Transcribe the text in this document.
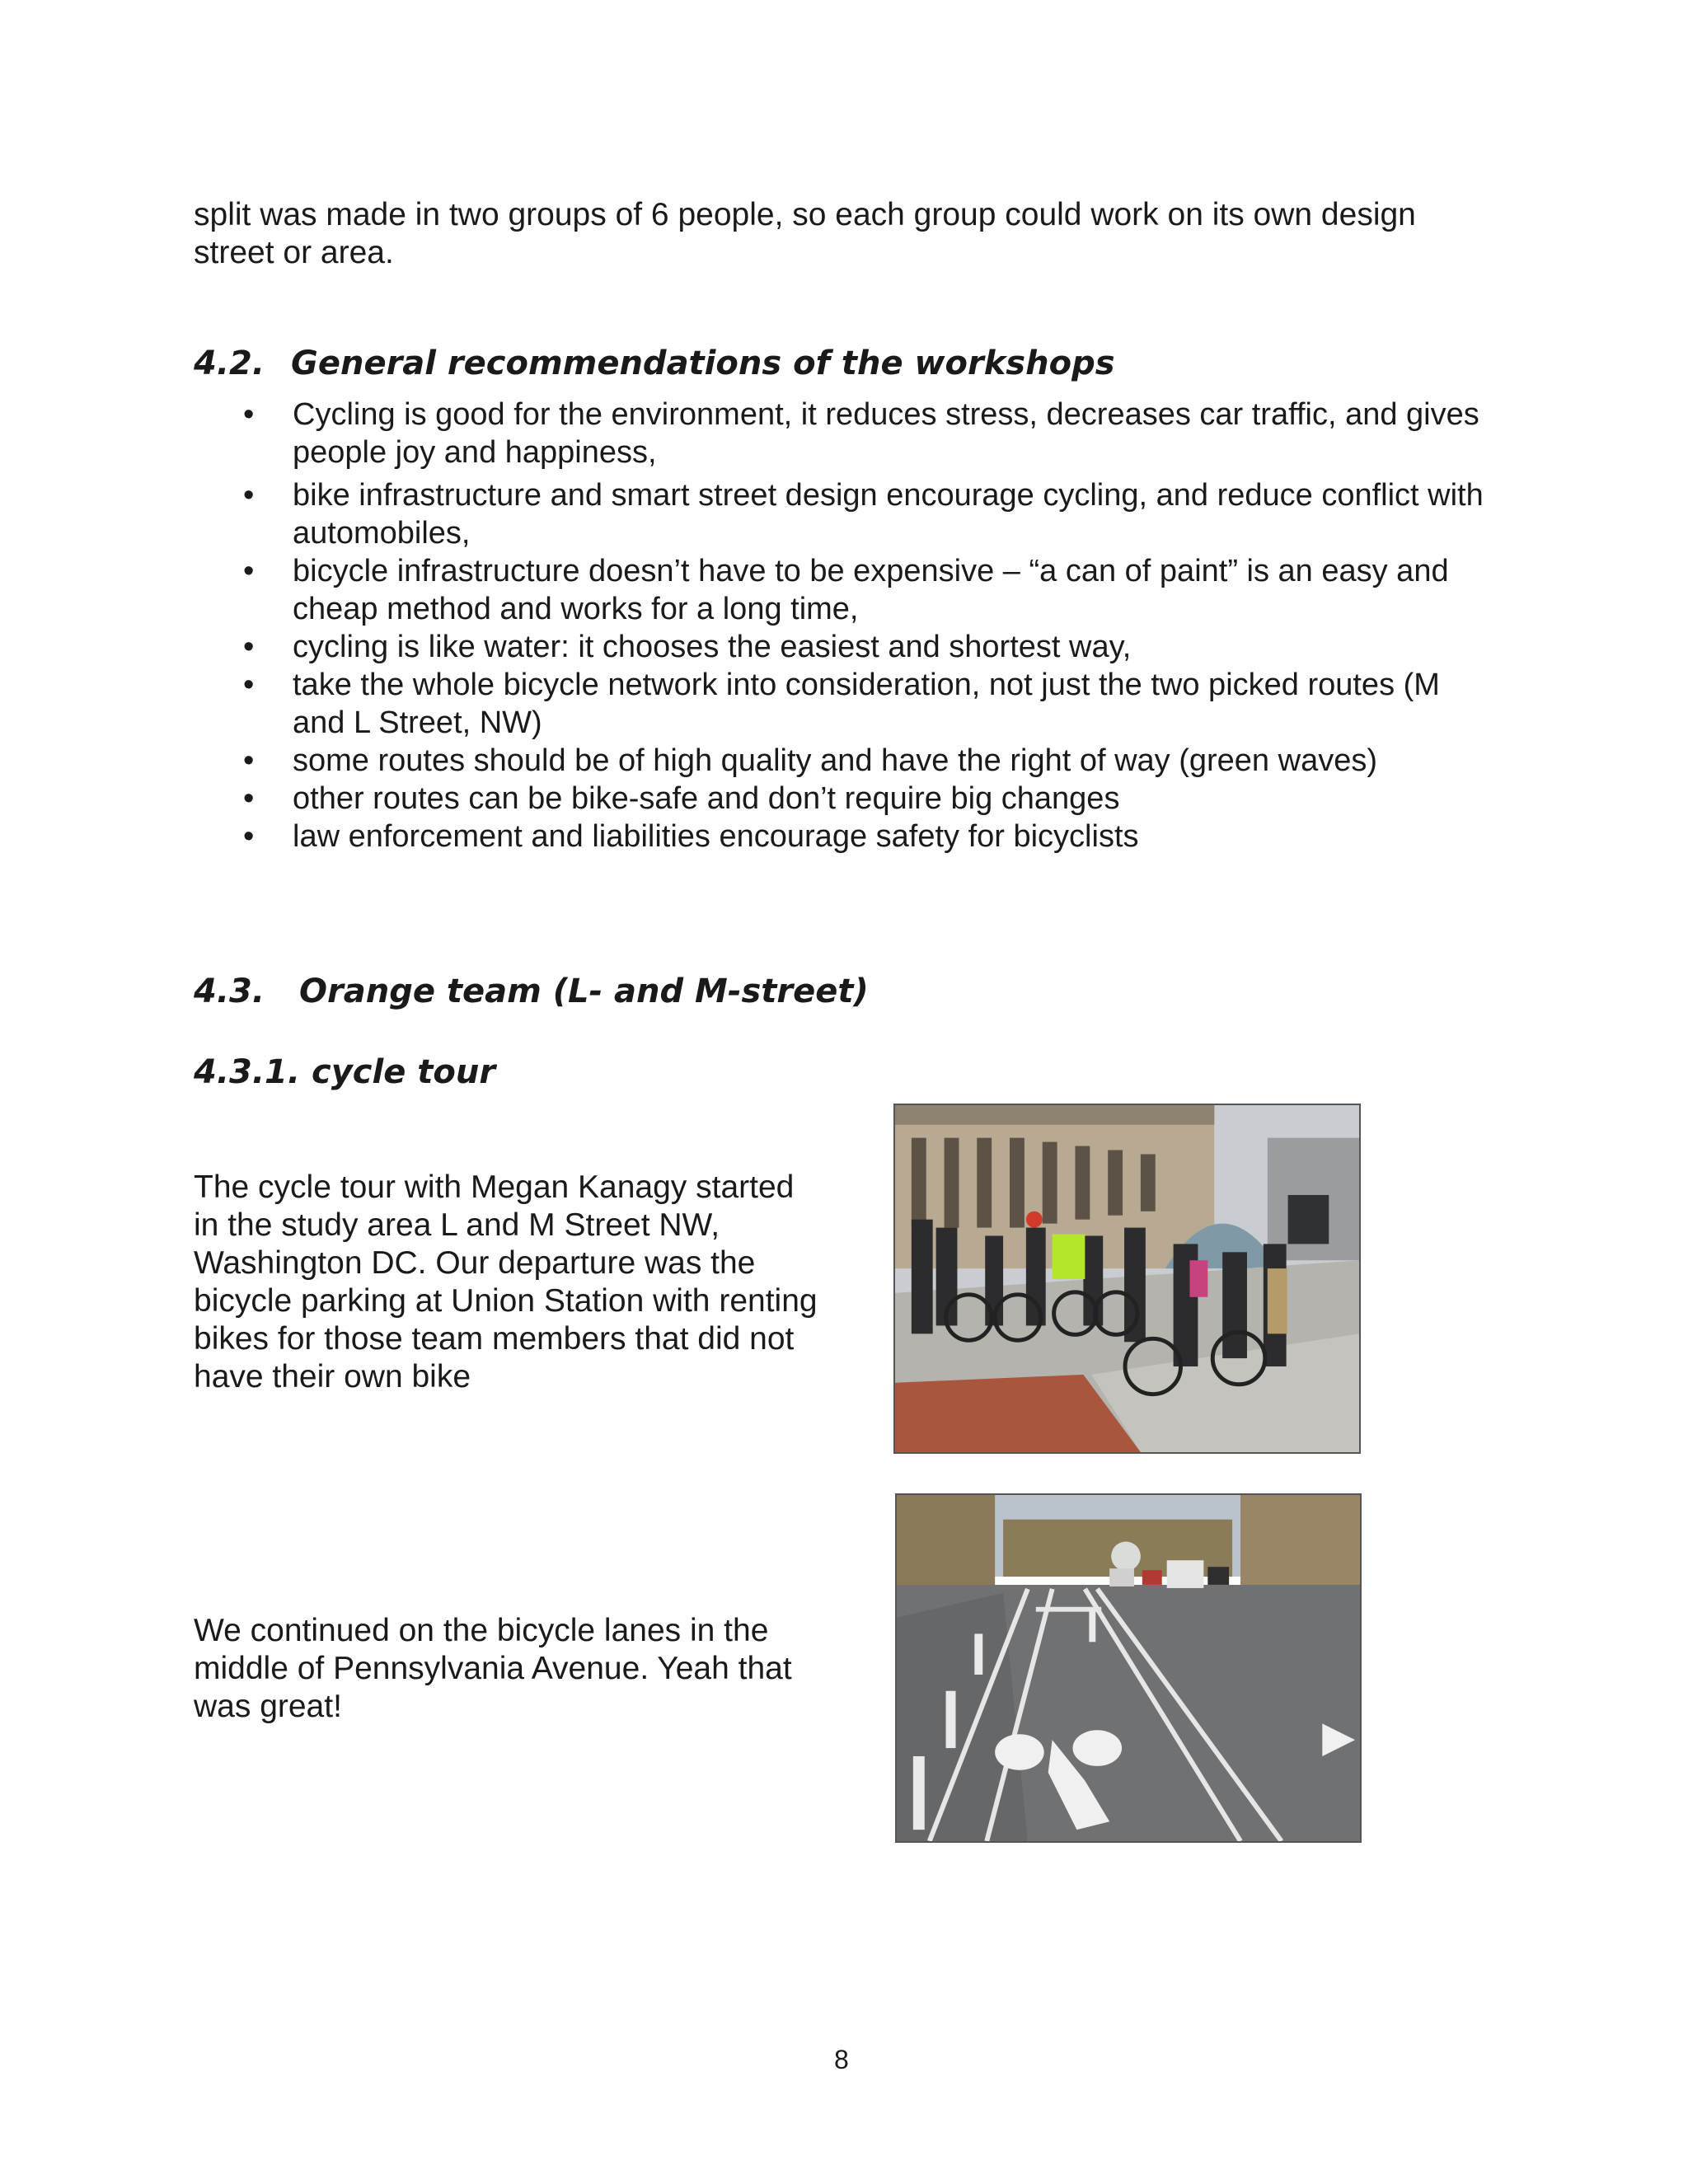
split was made in two groups of 6 people, so each group could work on its own design street or area.

4.2. General recommendations of the workshops
• Cycling is good for the environment, it reduces stress, decreases car traffic, and gives people joy and happiness,
• bike infrastructure and smart street design encourage cycling, and reduce conflict with automobiles,
• bicycle infrastructure doesn’t have to be expensive – “a can of paint” is an easy and cheap method and works for a long time,
• cycling is like water: it chooses the easiest and shortest way,
• take the whole bicycle network into consideration, not just the two picked routes (M and L Street, NW)
• some routes should be of high quality and have the right of way (green waves)
• other routes can be bike-safe and don’t require big changes
• law enforcement and liabilities encourage safety for bicyclists
4.3. Orange team (L- and M-street)
4.3.1. cycle tour

The cycle tour with Megan Kanagy started in the study area L and M Street NW, Washington DC. Our departure was the bicycle parking at Union Station with renting bikes for those team members that did not have their own bike

We continued on the bicycle lanes in the middle of Pennsylvania Avenue. Yeah that was great!

8
